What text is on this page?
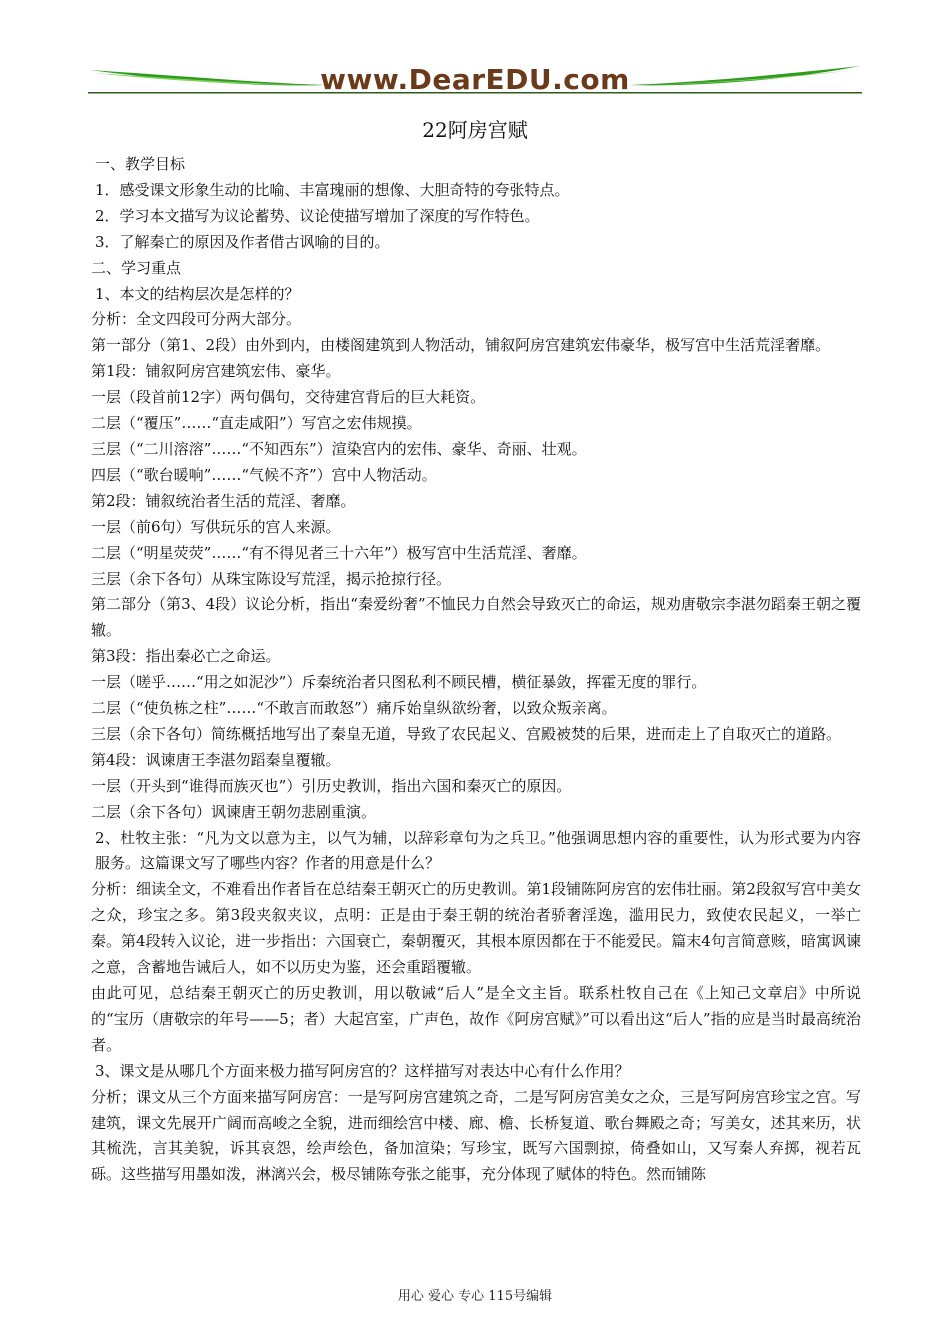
www.DearEDU.com
22阿房宫赋

一、教学目标

1．感受课文形象生动的比喻、丰富瑰丽的想像、大胆奇特的夸张特点。

2．学习本文描写为议论蓄势、议论使描写增加了深度的写作特色。

3．了解秦亡的原因及作者借古讽喻的目的。

二、学习重点

1、本文的结构层次是怎样的？

分析：全文四段可分两大部分。

第一部分（第1、2段）由外到内，由楼阁建筑到人物活动，铺叙阿房宫建筑宏伟豪华，极写宫中生活荒淫奢靡。

第1段：铺叙阿房宫建筑宏伟、豪华。

一层（段首前12字）两句偶句，交待建宫背后的巨大耗资。

二层（“覆压”……“直走咸阳”）写宫之宏伟规摸。

三层（“二川溶溶”……“不知西东”）渲染宫内的宏伟、豪华、奇丽、壮观。

四层（“歌台暖响”……“气候不齐”）宫中人物活动。

第2段：铺叙统治者生活的荒淫、奢靡。

一层（前6句）写供玩乐的宫人来源。

二层（“明星荧荧”……“有不得见者三十六年”）极写宫中生活荒淫、奢靡。

三层（余下各句）从珠宝陈设写荒淫，揭示抢掠行径。

第二部分（第3、4段）议论分析，指出“秦爱纷奢”不恤民力自然会导致灭亡的命运，规劝唐敬宗李湛勿蹈秦王朝之覆辙。

第3段：指出秦必亡之命运。

一层（嗟乎……“用之如泥沙”）斥秦统治者只图私利不顾民槽，横征暴敛，挥霍无度的罪行。

二层（“使负栋之柱”……“不敢言而敢怒”）痛斥始皇纵欲纷奢，以致众叛亲离。

三层（余下各句）简练概括地写出了秦皇无道，导致了农民起义、宫殿被焚的后果，进而走上了自取灭亡的道路。

第4段：讽谏唐王李湛勿蹈秦皇覆辙。

一层（开头到“谁得而族灭也”）引历史教训，指出六国和秦灭亡的原因。

二层（余下各句）讽谏唐王朝勿悲剧重演。

2、杜牧主张：“凡为文以意为主，以气为辅，以辞彩章句为之兵卫。”他强调思想内容的重要性，认为形式要为内容服务。这篇课文写了哪些内容？作者的用意是什么？

分析：细读全文，不难看出作者旨在总结秦王朝灭亡的历史教训。第1段铺陈阿房宫的宏伟壮丽。第2段叙写宫中美女之众，珍宝之多。第3段夹叙夹议，点明：正是由于秦王朝的统治者骄奢淫逸，滥用民力，致使农民起义，一举亡秦。第4段转入议论，进一步指出：六国衰亡，秦朝覆灭，其根本原因都在于不能爱民。篇末4句言简意赅，暗寓讽谏之意，含蓄地告诫后人，如不以历史为鉴，还会重蹈覆辙。

由此可见，总结秦王朝灭亡的历史教训，用以敬诫“后人”是全文主旨。联系杜牧自己在《上知己文章启》中所说的“宝历（唐敬宗的年号——5；者）大起宫室，广声色，故作《阿房宫赋》”可以看出这“后人”指的应是当时最高统治者。

3、课文是从哪几个方面来极力描写阿房宫的？这样描写对表达中心有什么作用？

分析；课文从三个方面来描写阿房宫：一是写阿房宫建筑之奇，二是写阿房宫美女之众，三是写阿房宫珍宝之宫。写建筑，课文先展开广阔而高峻之全貌，进而细绘宫中楼、廊、檐、长桥复道、歌台舞殿之奇；写美女，述其来历，状其梳洗，言其美貌，诉其哀怨，绘声绘色，备加渲染；写珍宝，既写六国剽掠，倚叠如山，又写秦人弃掷，视若瓦砾。这些描写用墨如泼，淋漓兴会，极尽铺陈夸张之能事，充分体现了赋体的特色。然而铺陈

用心 爱心 专心 115号编辑
